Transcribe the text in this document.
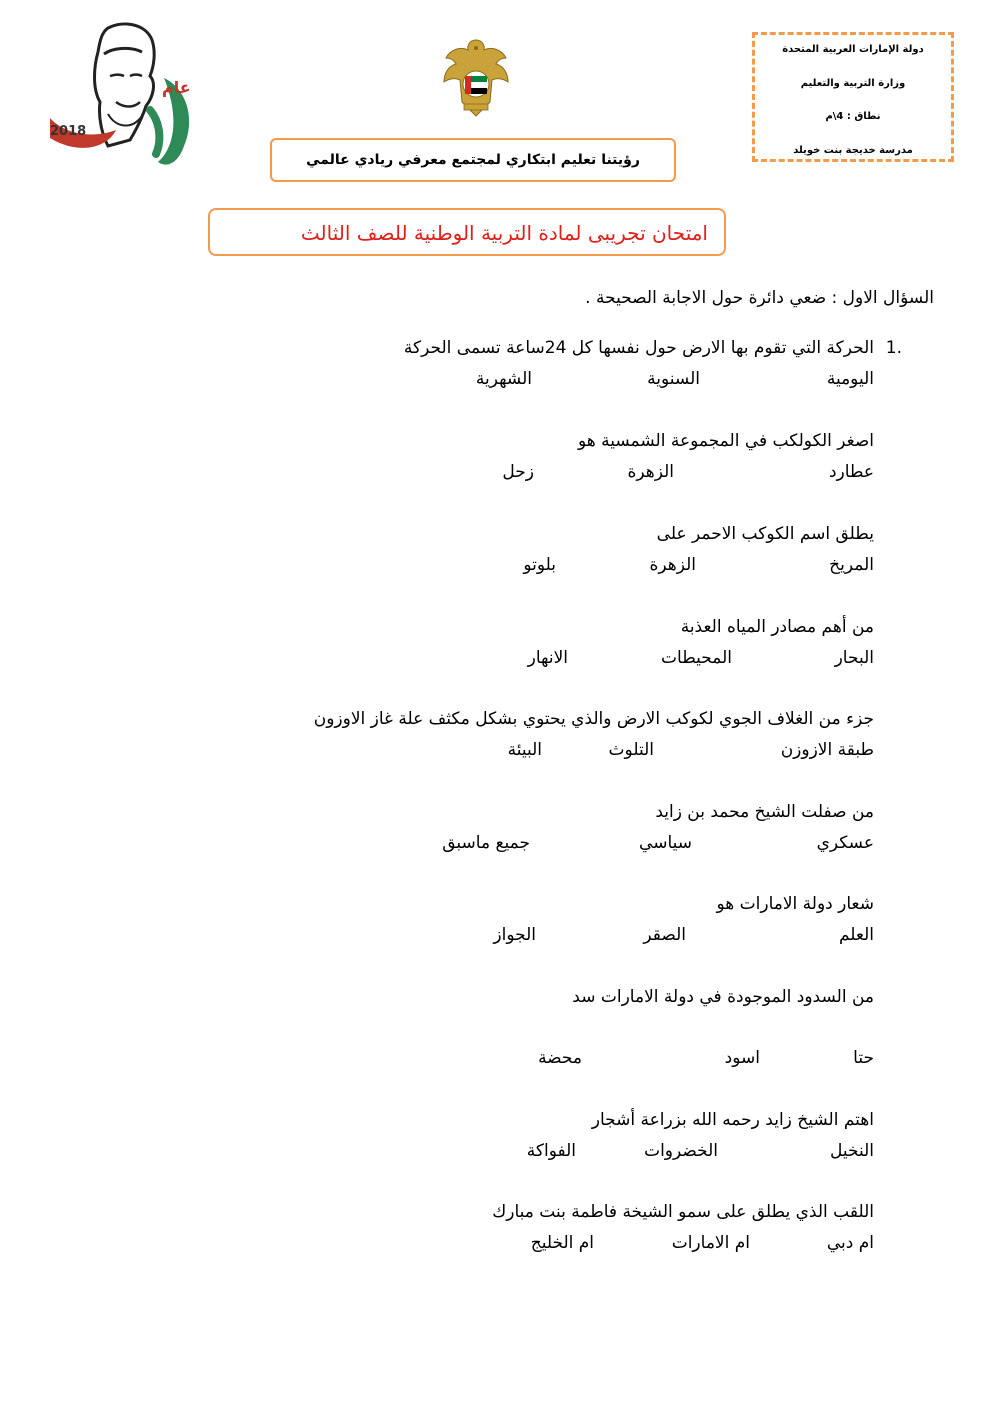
دولة الإمارات العربية المتحدة
وزارة التربية والتعليم
نطاق : 4\م
مدرسة خديجة بنت خويلد
عام
2018
رؤيتنا تعليم ابتكاري لمجتمع معرفي ريادي عالمي
امتحان تجريبى لمادة التربية الوطنية للصف الثالث
السؤال الاول : ضعي دائرة حول الاجابة الصحيحة .
1.
الحركة التي تقوم بها الارض حول نفسها كل 24ساعة تسمى الحركة
اليومية
السنوية
الشهرية
اصغر الكولكب في المجموعة الشمسية هو
عطارد
الزهرة
زحل
يطلق اسم الكوكب الاحمر على
المريخ
الزهرة
بلوتو
من أهم مصادر المياه العذبة
البحار
المحيطات
الانهار
جزء من الغلاف الجوي لكوكب الارض والذي يحتوي بشكل مكثف علة غاز الاوزون
طبقة الازوزن
التلوث
البيئة
من صفلت الشيخ محمد بن زايد
عسكري
سياسي
جميع ماسبق
شعار دولة الامارات هو
العلم
الصقر
الجواز
من السدود الموجودة في دولة الامارات سد
حتا
اسود
محضة
اهتم الشيخ زايد رحمه الله بزراعة أشجار
النخيل
الخضروات
الفواكة
اللقب الذي يطلق على سمو الشيخة فاطمة بنت مبارك
ام دبي
ام الامارات
ام الخليج
